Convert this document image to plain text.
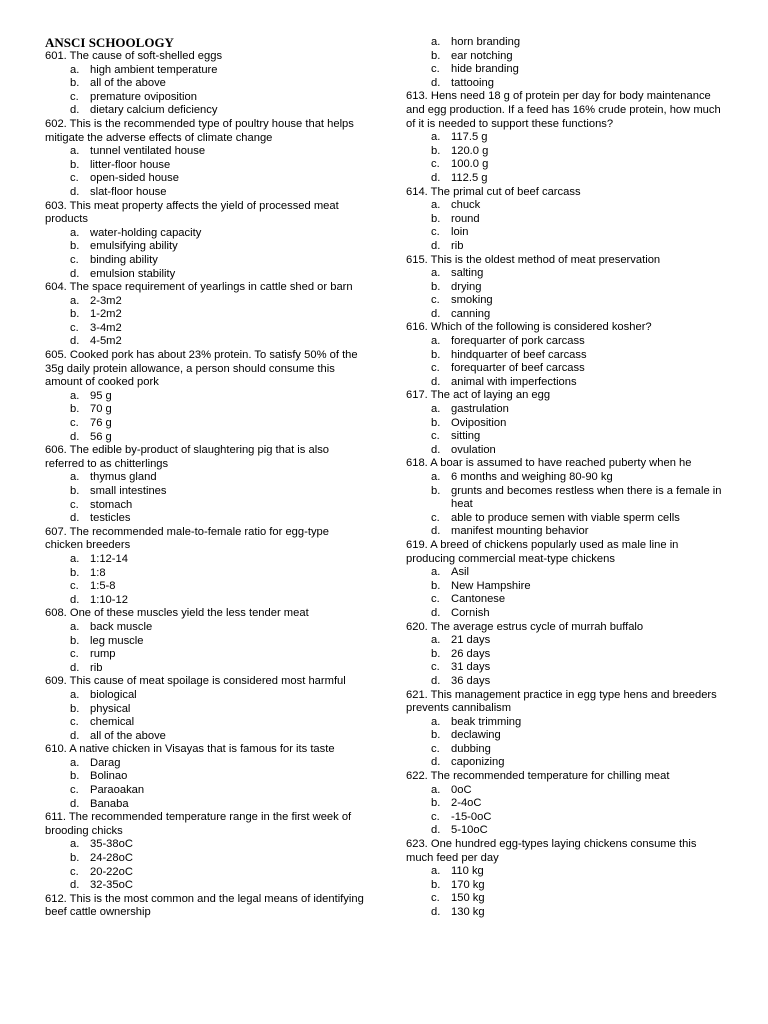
ANSCI SCHOOLOGY
601. The cause of soft-shelled eggs
a. high ambient temperature
b. all of the above
c.	premature oviposition
d. dietary calcium deficiency
602. This is the recommended type of poultry house that helps mitigate the adverse effects of climate change
a. tunnel ventilated house
b. litter-floor house
c.	open-sided house
d. slat-floor house
603. This meat property affects the yield of processed meat products
a. water-holding capacity
b. emulsifying ability
c.	binding ability
d. emulsion stability
604. The space requirement of yearlings in cattle shed or barn
a. 2-3m2
b. 1-2m2
c.	3-4m2
d. 4-5m2
605. Cooked pork has about 23% protein. To satisfy 50% of the 35g daily protein allowance, a person should consume this amount of cooked pork
a. 95 g
b. 70 g
c.	76 g
d. 56 g
606. The edible by-product of slaughtering pig that is also referred to as chitterlings
a. thymus gland
b. small intestines
c.	stomach
d. testicles
607. The recommended male-to-female ratio for egg-type chicken breeders
a. 1:12-14
b. 1:8
c.	1:5-8
d. 1:10-12
608. One of these muscles yield the less tender meat
a. back muscle
b. leg muscle
c.	rump
d. rib
609. This cause of meat spoilage is considered most harmful
a. biological
b. physical
c.	chemical
d. all of the above
610. A native chicken in Visayas that is famous for its taste
a. Darag
b. Bolinao
c.	Paraoakan
d. Banaba
611. The recommended temperature range in the first week of brooding chicks
a. 35-38oC
b. 24-28oC
c.	20-22oC
d. 32-35oC
612. This is the most common and the legal means of identifying beef cattle ownership
a. horn branding
b. ear notching
c.	hide branding
d. tattooing
613. Hens need 18 g of protein per day for body maintenance and egg production. If a feed has 16% crude protein, how much of it is needed to support these functions?
a. 117.5 g
b. 120.0 g
c.	100.0 g
d. 112.5 g
614. The primal cut of beef carcass
a. chuck
b. round
c.	loin
d. rib
615. This is the oldest method of meat preservation
a. salting
b. drying
c.	smoking
d. canning
616. Which of the following is considered kosher?
a. forequarter of pork carcass
b. hindquarter of beef carcass
c.	forequarter of beef carcass
d. animal with imperfections
617. The act of laying an egg
a. gastrulation
b. Oviposition
c.	sitting
d. ovulation
618. A boar is assumed to have reached puberty when he
a. 6 months and weighing 80-90 kg
b. grunts and becomes restless when there is a female in heat
c.	able to produce semen with viable sperm cells
d. manifest mounting behavior
619. A breed of chickens popularly used as male line in producing commercial meat-type chickens
a. Asil
b. New Hampshire
c.	Cantonese
d. Cornish
620. The average estrus cycle of murrah buffalo
a. 21 days
b. 26 days
c.	31 days
d. 36 days
621. This management practice in egg type hens and breeders prevents cannibalism
a. beak trimming
b. declawing
c.	dubbing
d. caponizing
622. The recommended temperature for chilling meat
a. 0oC
b. 2-4oC
c.	-15-0oC
d. 5-10oC
623. One hundred egg-types laying chickens consume this much feed per day
a. 110 kg
b. 170 kg
c.	150 kg
d. 130 kg
